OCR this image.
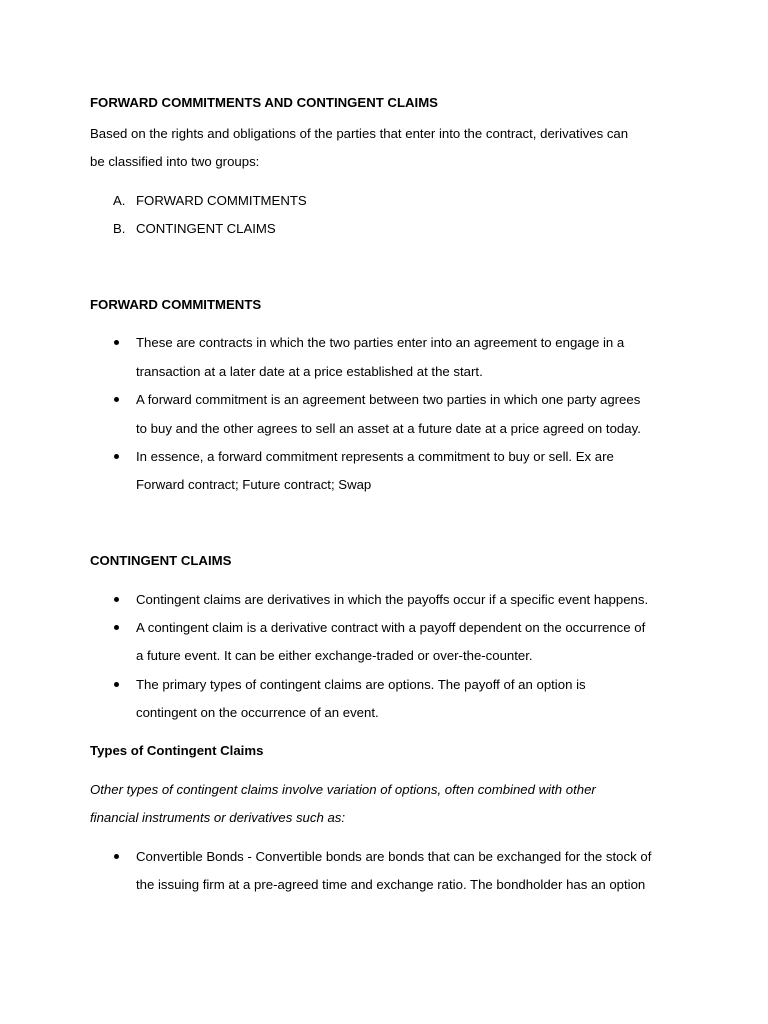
FORWARD COMMITMENTS AND CONTINGENT CLAIMS
Based on the rights and obligations of the parties that enter into the contract, derivatives can
be classified into two groups:
A. FORWARD COMMITMENTS
B. CONTINGENT CLAIMS
FORWARD COMMITMENTS
These are contracts in which the two parties enter into an agreement to engage in a
transaction at a later date at a price established at the start.
A forward commitment is an agreement between two parties in which one party agrees
to buy and the other agrees to sell an asset at a future date at a price agreed on today.
In essence, a forward commitment represents a commitment to buy or sell. Ex are
Forward contract; Future contract; Swap
CONTINGENT CLAIMS
Contingent claims are derivatives in which the payoffs occur if a specific event happens.
A contingent claim is a derivative contract with a payoff dependent on the occurrence of
a future event. It can be either exchange-traded or over-the-counter.
The primary types of contingent claims are options. The payoff of an option is
contingent on the occurrence of an event.
Types of Contingent Claims
Other types of contingent claims involve variation of options, often combined with other
financial instruments or derivatives such as:
Convertible Bonds - Convertible bonds are bonds that can be exchanged for the stock of
the issuing firm at a pre-agreed time and exchange ratio. The bondholder has an option
